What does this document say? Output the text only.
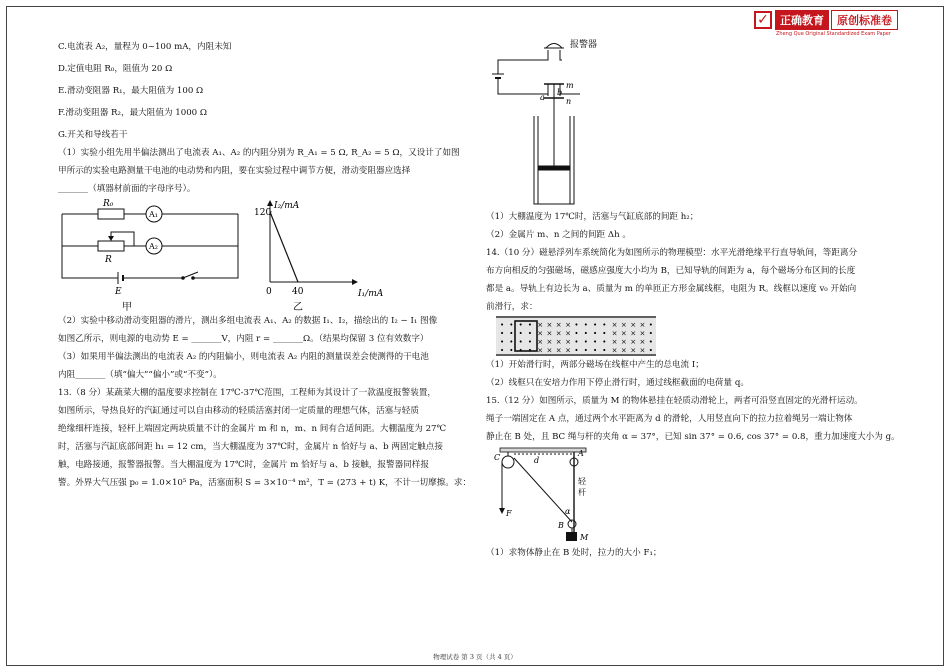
✓	正确教育	原创标准卷
Zheng Que Original Standardized Exam Paper
C.电流表 A₂，量程为 0~100 mA，内阻未知
D.定值电阻 R₀，阻值为 20 Ω
E.滑动变阻器 R₁，最大阻值为 100 Ω
F.滑动变阻器 R₂，最大阻值为 1000 Ω
G.开关和导线若干
（1）实验小组先用半偏法测出了电流表 A₁、A₂ 的内阻分别为 R_A₁ = 5 Ω, R_A₂ = 5 Ω，又设计了如图
甲所示的实验电路测量干电池的电动势和内阻，要在实验过程中调节方便，滑动变阻器应选择
_______（填器材前面的字母序号）。
R₀
A₁
A₂
R
E
甲
120
40
0
I₂/mA
I₁/mA
乙
（2）实验中移动滑动变阻器的滑片，测出多组电流表 A₁、A₂ 的数据 I₁、I₂，描绘出的 I₂ − I₁ 图像
如图乙所示，则电源的电动势 E = _______V，内阻 r = _______Ω。（结果均保留 3 位有效数字）
（3）如果用半偏法测出的电流表 A₂ 的内阻偏小，则电流表 A₂ 内阻的测量误差会使测得的干电池
内阻_______（填“偏大”“偏小”或“不变”）。
13.（8 分）某蔬菜大棚的温度要求控制在 17℃-37℃范围，工程师为其设计了一款温度报警装置，
如图所示，导热良好的汽缸通过可以自由移动的轻质活塞封闭一定质量的理想气体，活塞与轻质
绝缘细杆连接，轻杆上端固定两块质量不计的金属片 m 和 n，m、n 间有合适间距。大棚温度为 27℃
时，活塞与汽缸底部间距 h₁ = 12 cm，当大棚温度为 37℃时，金属片 n 恰好与 a、b 两固定触点接
触，电路接通，报警器报警。当大棚温度为 17℃时，金属片 m 恰好与 a、b 接触，报警器同样报
警。外界大气压强 p₀ = 1.0×10⁵ Pa，活塞面积 S = 3×10⁻⁴ m²，T = (273 + t) K，不计一切摩擦。求：
报警器
m
n
a
b
（1）大棚温度为 17℃时，活塞与气缸底部的间距 h₂；
（2）金属片 m、n 之间的间距 Δh 。
14.（10 分）磁悬浮列车系统简化为如图所示的物理模型：水平光滑绝缘平行直导轨间，等距离分
布方向相反的匀强磁场，磁感应强度大小均为 B，已知导轨的间距为 a，每个磁场分布区间的长度
都是 a。导轨上有边长为 a、质量为 m 的单匝正方形金属线框，电阻为 R。线框以速度 v₀ 开始向
前滑行，求：
• • • • × × × × • • • • × × × × •
• • • • × × × × • • • • × × × × •
• • • • × × × × • • • • × × × × •
• • • • × × × × • • • • × × × × •
（1）开始滑行时，两部分磁场在线框中产生的总电流 I；
（2）线框只在安培力作用下停止滑行时，通过线框截面的电荷量 q。
15.（12 分）如图所示，质量为 M 的物体悬挂在轻质动滑轮上，两者可沿竖直固定的光滑杆运动。
绳子一端固定在 A 点，通过两个水平距离为 d 的滑轮，人用竖直向下的拉力拉着绳另一端让物体
静止在 B 处，且 BC 绳与杆的夹角 α = 37°，已知 sin 37° = 0.6, cos 37° = 0.8，重力加速度大小为 g。
C	d
A
F
轻
杆
α
B
M
（1）求物体静止在 B 处时，拉力的大小 F₁；
物理试卷 第 3 页（共 4 页）
